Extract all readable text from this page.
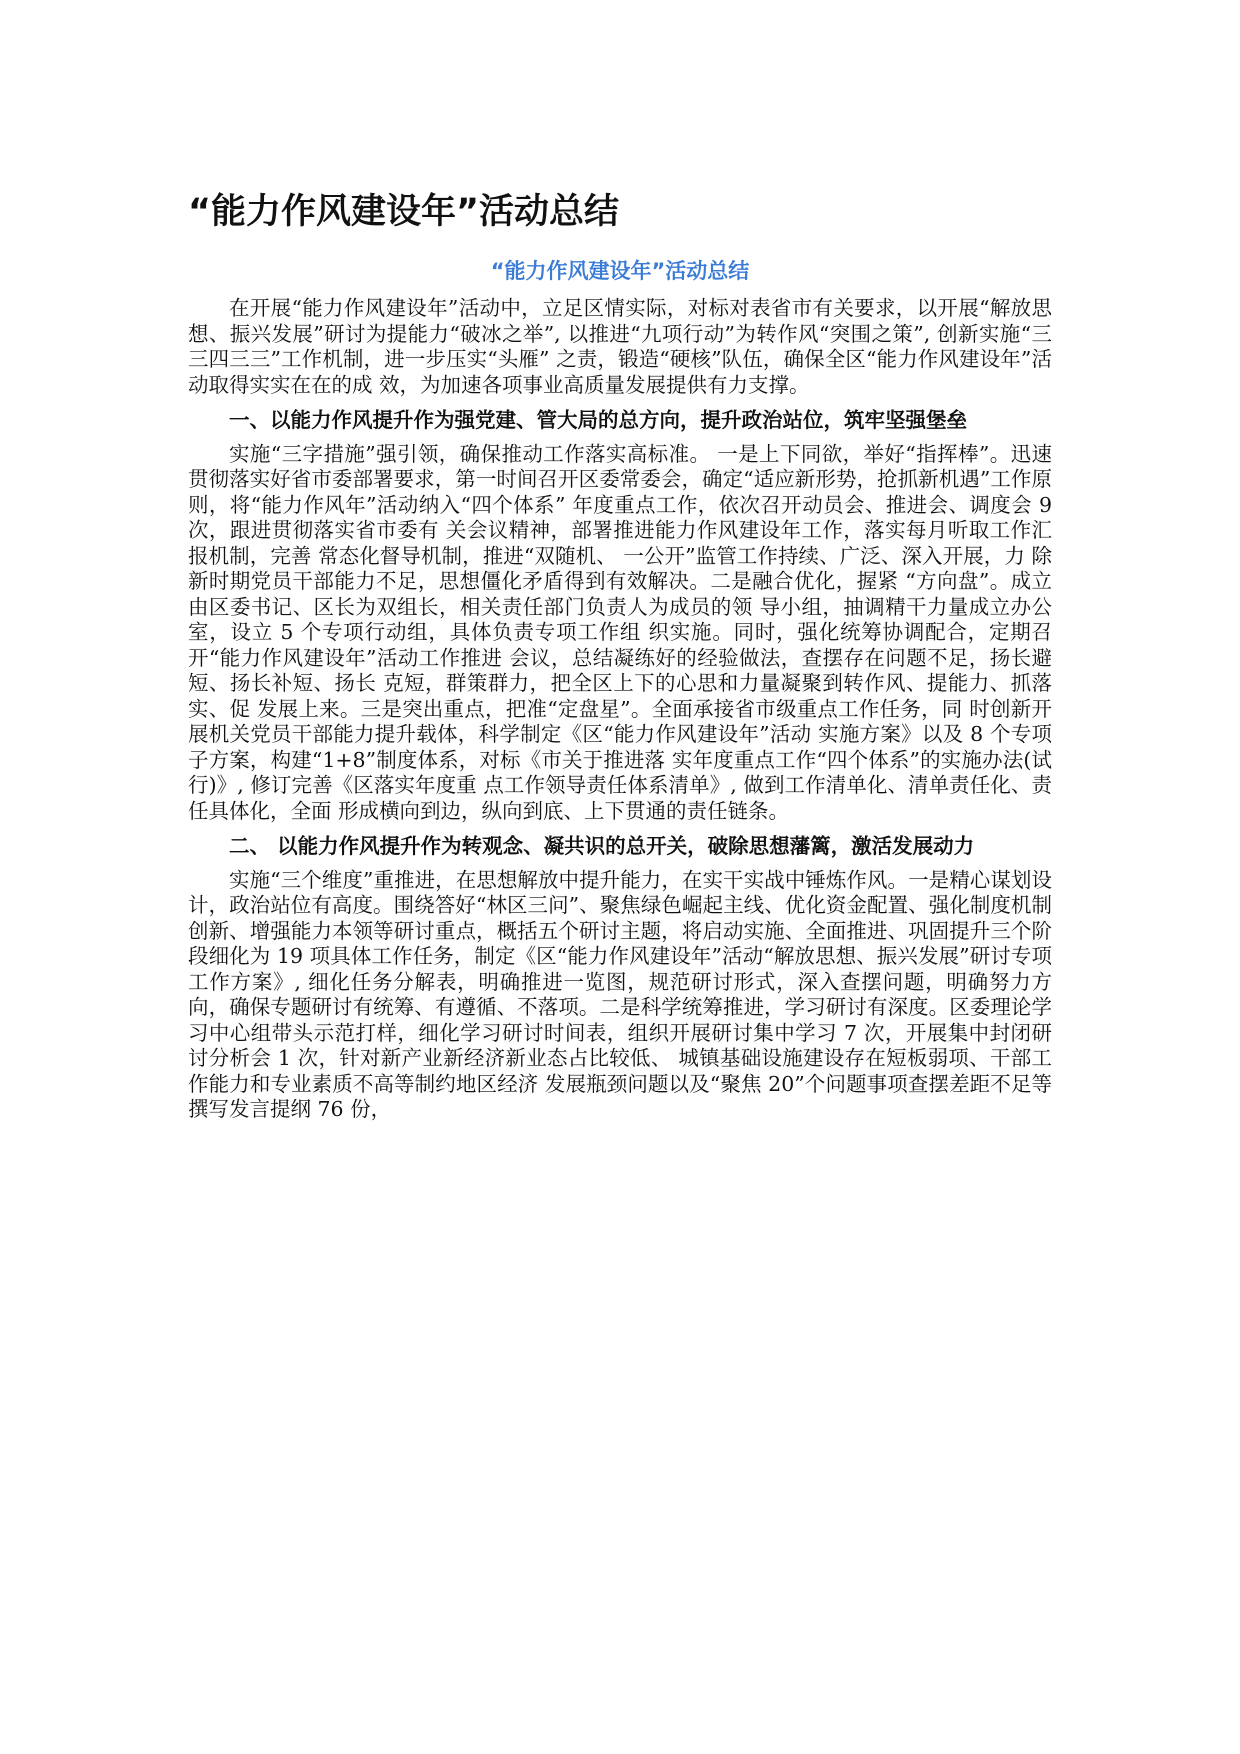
“能力作风建设年”活动总结
“能力作风建设年”活动总结

在开展“能力作风建设年”活动中，立足区情实际，对标对表省市有关要求，以开展“解放思想、振兴发展”研讨为提能力“破冰之举”, 以推进“九项行动”为转作风“突围之策”, 创新实施“三三四三三”工作机制，进一步压实“头雁” 之责，锻造“硬核”队伍，确保全区“能力作风建设年”活动取得实实在在的成 效，为加速各项事业高质量发展提供有力支撑。

一、以能力作风提升作为强党建、管大局的总方向，提升政治站位，筑牢坚强堡垒

实施“三字措施”强引领，确保推动工作落实高标准。 一是上下同欲，举好“指挥棒”。迅速贯彻落实好省市委部署要求，第一时间召开区委常委会，确定“适应新形势，抢抓新机遇”工作原则，将“能力作风年”活动纳入“四个体系” 年度重点工作，依次召开动员会、推进会、调度会 9 次，跟进贯彻落实省市委有 关会议精神，部署推进能力作风建设年工作，落实每月听取工作汇报机制，完善 常态化督导机制，推进“双随机、 一公开”监管工作持续、广泛、深入开展，力 除新时期党员干部能力不足，思想僵化矛盾得到有效解决。二是融合优化，握紧 “方向盘”。成立由区委书记、区长为双组长，相关责任部门负责人为成员的领 导小组，抽调精干力量成立办公室，设立 5 个专项行动组，具体负责专项工作组 织实施。同时，强化统筹协调配合，定期召开“能力作风建设年”活动工作推进 会议，总结凝练好的经验做法，查摆存在问题不足，扬长避短、扬长补短、扬长 克短，群策群力，把全区上下的心思和力量凝聚到转作风、提能力、抓落实、促 发展上来。三是突出重点，把准“定盘星”。全面承接省市级重点工作任务，同 时创新开展机关党员干部能力提升载体，科学制定《区“能力作风建设年”活动 实施方案》以及 8 个专项子方案，构建“1+8”制度体系，对标《市关于推进落 实年度重点工作“四个体系”的实施办法(试行)》, 修订完善《区落实年度重 点工作领导责任体系清单》, 做到工作清单化、清单责任化、责任具体化，全面 形成横向到边，纵向到底、上下贯通的责任链条。

二、 以能力作风提升作为转观念、凝共识的总开关，破除思想藩篱，激活发展动力

实施“三个维度”重推进，在思想解放中提升能力，在实干实战中锤炼作风。一是精心谋划设计，政治站位有高度。围绕答好“林区三问”、聚焦绿色崛起主线、优化资金配置、强化制度机制创新、增强能力本领等研讨重点，概括五个研讨主题，将启动实施、全面推进、巩固提升三个阶段细化为 19 项具体工作任务，制定《区“能力作风建设年”活动“解放思想、振兴发展”研讨专项工作方案》, 细化任务分解表，明确推进一览图，规范研讨形式，深入查摆问题，明确努力方向，确保专题研讨有统筹、有遵循、不落项。二是科学统筹推进，学习研讨有深度。区委理论学习中心组带头示范打样，细化学习研讨时间表，组织开展研讨集中学习 7 次，开展集中封闭研讨分析会 1 次，针对新产业新经济新业态占比较低、 城镇基础设施建设存在短板弱项、干部工作能力和专业素质不高等制约地区经济 发展瓶颈问题以及“聚焦 20”个问题事项查摆差距不足等撰写发言提纲 76 份，
